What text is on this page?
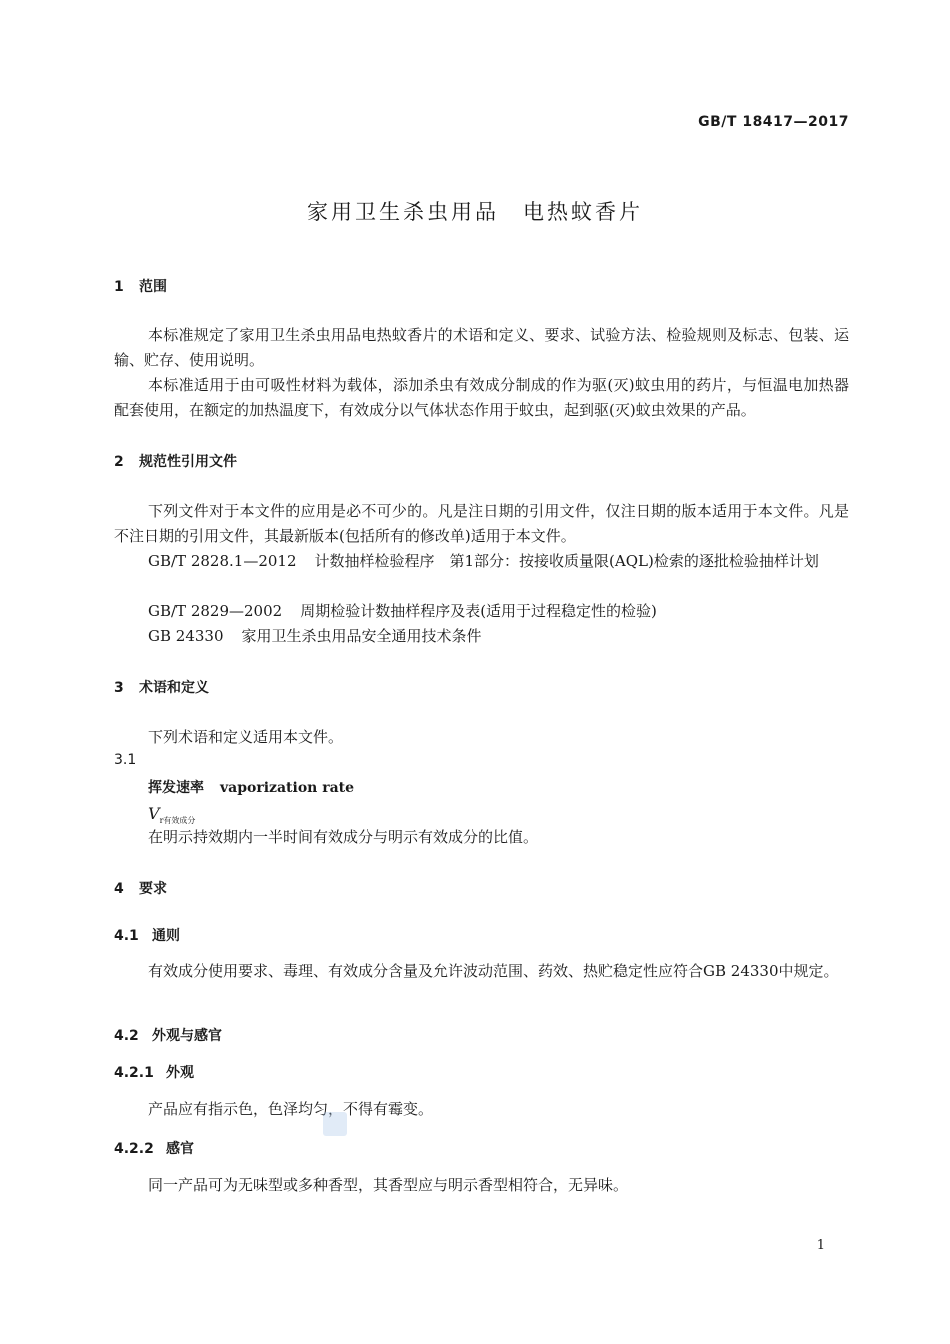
GB/T 18417—2017
家用卫生杀虫用品　电热蚊香片
1 范围
本标准规定了家用卫生杀虫用品电热蚊香片的术语和定义、要求、试验方法、检验规则及标志、包装、运输、贮存、使用说明。
本标准适用于由可吸性材料为载体，添加杀虫有效成分制成的作为驱(灭)蚊虫用的药片，与恒温电加热器配套使用，在额定的加热温度下，有效成分以气体状态作用于蚊虫，起到驱(灭)蚊虫效果的产品。
2 规范性引用文件
下列文件对于本文件的应用是必不可少的。凡是注日期的引用文件，仅注日期的版本适用于本文件。凡是不注日期的引用文件，其最新版本(包括所有的修改单)适用于本文件。
GB/T 2828.1—2012 计数抽样检验程序　第1部分：按接收质量限(AQL)检索的逐批检验抽样计划
GB/T 2829—2002 周期检验计数抽样程序及表(适用于过程稳定性的检验)
GB 24330 家用卫生杀虫用品安全通用技术条件
3 术语和定义
下列术语和定义适用本文件。
3.1
挥发速率 vaporization rate
$V_{r有效成分}$
在明示持效期内一半时间有效成分与明示有效成分的比值。
4 要求
4.1 通则
有效成分使用要求、毒理、有效成分含量及允许波动范围、药效、热贮稳定性应符合GB 24330中规定。
4.2 外观与感官
4.2.1 外观
产品应有指示色，色泽均匀，不得有霉变。
4.2.2 感官
同一产品可为无味型或多种香型，其香型应与明示香型相符合，无异味。
1
